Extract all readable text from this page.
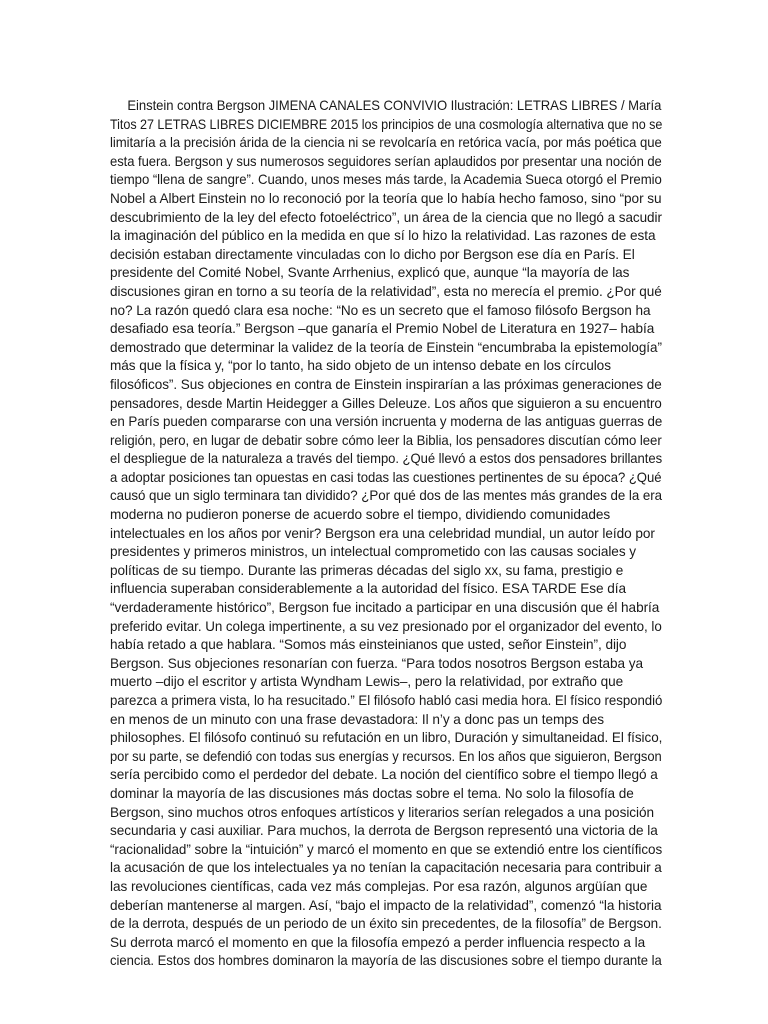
Einstein contra Bergson JIMENA CANALES CONVIVIO Ilustración: LETRAS LIBRES / María
Titos 27 LETRAS LIBRES DICIEMBRE 2015 los principios de una cosmología alternativa que no se
limitaría a la precisión árida de la ciencia ni se revolcaría en retórica vacía, por más poética que
esta fuera. Bergson y sus numerosos seguidores serían aplaudidos por presentar una noción de
tiempo “llena de sangre”. Cuando, unos meses más tarde, la Academia Sueca otorgó el Premio
Nobel a Albert Einstein no lo reconoció por la teoría que lo había hecho famoso, sino “por su
descubrimiento de la ley del efecto fotoeléctrico”, un área de la ciencia que no llegó a sacudir
la imaginación del público en la medida en que sí lo hizo la relatividad. Las razones de esta
decisión estaban directamente vinculadas con lo dicho por Bergson ese día en París. El
presidente del Comité Nobel, Svante Arrhenius, explicó que, aunque “la mayoría de las
discusiones giran en torno a su teoría de la relatividad”, esta no merecía el premio. ¿Por qué
no? La razón quedó clara esa noche: “No es un secreto que el famoso filósofo Bergson ha
desafiado esa teoría.” Bergson –que ganaría el Premio Nobel de Literatura en 1927– había
demostrado que determinar la validez de la teoría de Einstein “encumbraba la epistemología”
más que la física y, “por lo tanto, ha sido objeto de un intenso debate en los círculos
filosóficos”. Sus objeciones en contra de Einstein inspirarían a las próximas generaciones de
pensadores, desde Martin Heidegger a Gilles Deleuze. Los años que siguieron a su encuentro
en París pueden compararse con una versión incruenta y moderna de las antiguas guerras de
religión, pero, en lugar de debatir sobre cómo leer la Biblia, los pensadores discutían cómo leer
el despliegue de la naturaleza a través del tiempo. ¿Qué llevó a estos dos pensadores brillantes
a adoptar posiciones tan opuestas en casi todas las cuestiones pertinentes de su época? ¿Qué
causó que un siglo terminara tan dividido? ¿Por qué dos de las mentes más grandes de la era
moderna no pudieron ponerse de acuerdo sobre el tiempo, dividiendo comunidades
intelectuales en los años por venir? Bergson era una celebridad mundial, un autor leído por
presidentes y primeros ministros, un intelectual comprometido con las causas sociales y
políticas de su tiempo. Durante las primeras décadas del siglo xx, su fama, prestigio e
influencia superaban considerablemente a la autoridad del físico. ESA TARDE Ese día
“verdaderamente histórico”, Bergson fue incitado a participar en una discusión que él habría
preferido evitar. Un colega impertinente, a su vez presionado por el organizador del evento, lo
había retado a que hablara. “Somos más einsteinianos que usted, señor Einstein”, dijo
Bergson. Sus objeciones resonarían con fuerza. “Para todos nosotros Bergson estaba ya
muerto –dijo el escritor y artista Wyndham Lewis–, pero la relatividad, por extraño que
parezca a primera vista, lo ha resucitado.” El filósofo habló casi media hora. El físico respondió
en menos de un minuto con una frase devastadora: Il n’y a donc pas un temps des
philosophes. El filósofo continuó su refutación en un libro, Duración y simultaneidad. El físico,
por su parte, se defendió con todas sus energías y recursos. En los años que siguieron, Bergson
sería percibido como el perdedor del debate. La noción del científico sobre el tiempo llegó a
dominar la mayoría de las discusiones más doctas sobre el tema. No solo la filosofía de
Bergson, sino muchos otros enfoques artísticos y literarios serían relegados a una posición
secundaria y casi auxiliar. Para muchos, la derrota de Bergson representó una victoria de la
“racionalidad” sobre la “intuición” y marcó el momento en que se extendió entre los científicos
la acusación de que los intelectuales ya no tenían la capacitación necesaria para contribuir a
las revoluciones científicas, cada vez más complejas. Por esa razón, algunos argüían que
deberían mantenerse al margen. Así, “bajo el impacto de la relatividad”, comenzó “la historia
de la derrota, después de un periodo de un éxito sin precedentes, de la filosofía” de Bergson.
Su derrota marcó el momento en que la filosofía empezó a perder influencia respecto a la
ciencia. Estos dos hombres dominaron la mayoría de las discusiones sobre el tiempo durante la
